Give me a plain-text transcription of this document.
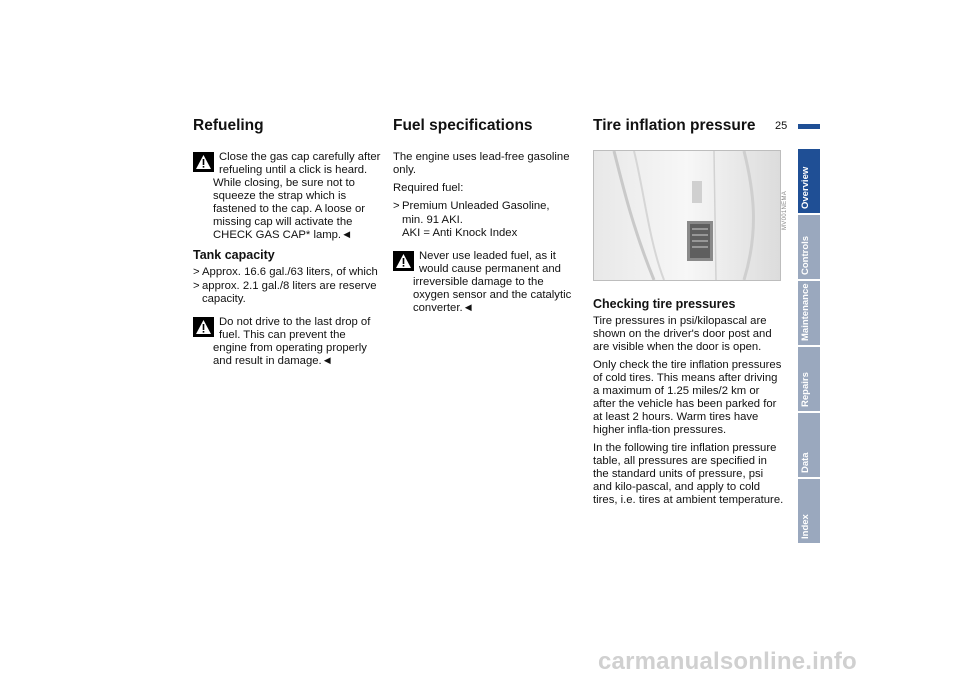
25
Refueling

Close the gas cap carefully after refueling until a click is heard. While closing, be sure not to squeeze the strap which is fastened to the cap. A loose or missing cap will activate the CHECK GAS CAP* lamp.◄

Tank capacity
> Approx. 16.6 gal./63 liters, of which
> approx. 2.1 gal./8 liters are reserve capacity.

Do not drive to the last drop of fuel. This can prevent the engine from operating properly and result in damage.◄

Fuel specifications

The engine uses lead-free gasoline only.

Required fuel:

> Premium Unleaded Gasoline,
min. 91 AKI.
AKI = Anti Knock Index

Never use leaded fuel, as it would cause permanent and irreversible damage to the oxygen sensor and the catalytic converter.◄

Tire inflation pressure
MV001NEMA
Checking tire pressures

Tire pressures in psi/kilopascal are shown on the driver's door post and are visible when the door is open.

Only check the tire inflation pressures of cold tires. This means after driving a maximum of 1.25 miles/2 km or after the vehicle has been parked for at least 2 hours. Warm tires have higher infla-tion pressures.

In the following tire inflation pressure table, all pressures are specified in the standard units of pressure, psi and kilo-pascal, and apply to cold tires, i.e. tires at ambient temperature.

Overview
Controls
Maintenance
Repairs
Data
Index
carmanualsonline.info
